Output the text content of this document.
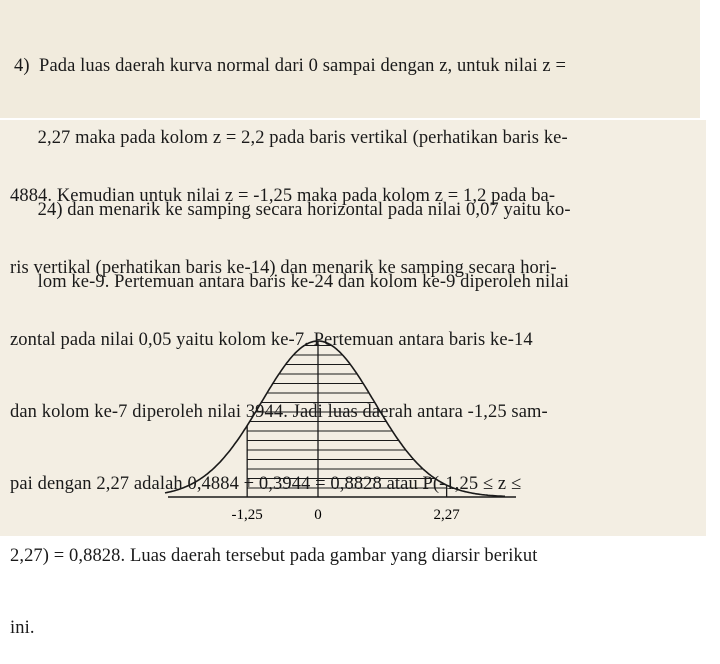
4)  Pada luas daerah kurva normal dari 0 sampai dengan z, untuk nilai z =

2,27 maka pada kolom z = 2,2 pada baris vertikal (perhatikan baris ke-

24) dan menarik ke samping secara horizontal pada nilai 0,07 yaitu ko-

lom ke-9. Pertemuan antara baris ke-24 dan kolom ke-9 diperoleh nilai

4884. Kemudian untuk nilai z = -1,25 maka pada kolom z = 1,2 pada ba-

ris vertikal (perhatikan baris ke-14) dan menarik ke samping secara hori-

zontal pada nilai 0,05 yaitu kolom ke-7. Pertemuan antara baris ke-14

dan kolom ke-7 diperoleh nilai 3944. Jadi luas daerah antara -1,25 sam-

pai dengan 2,27 adalah 0,4884 + 0,3944 = 0,8828 atau P(-1,25 ≤ z ≤

2,27) = 0,8828. Luas daerah tersebut pada gambar yang diarsir berikut

ini.

-1,25	0	2,27
